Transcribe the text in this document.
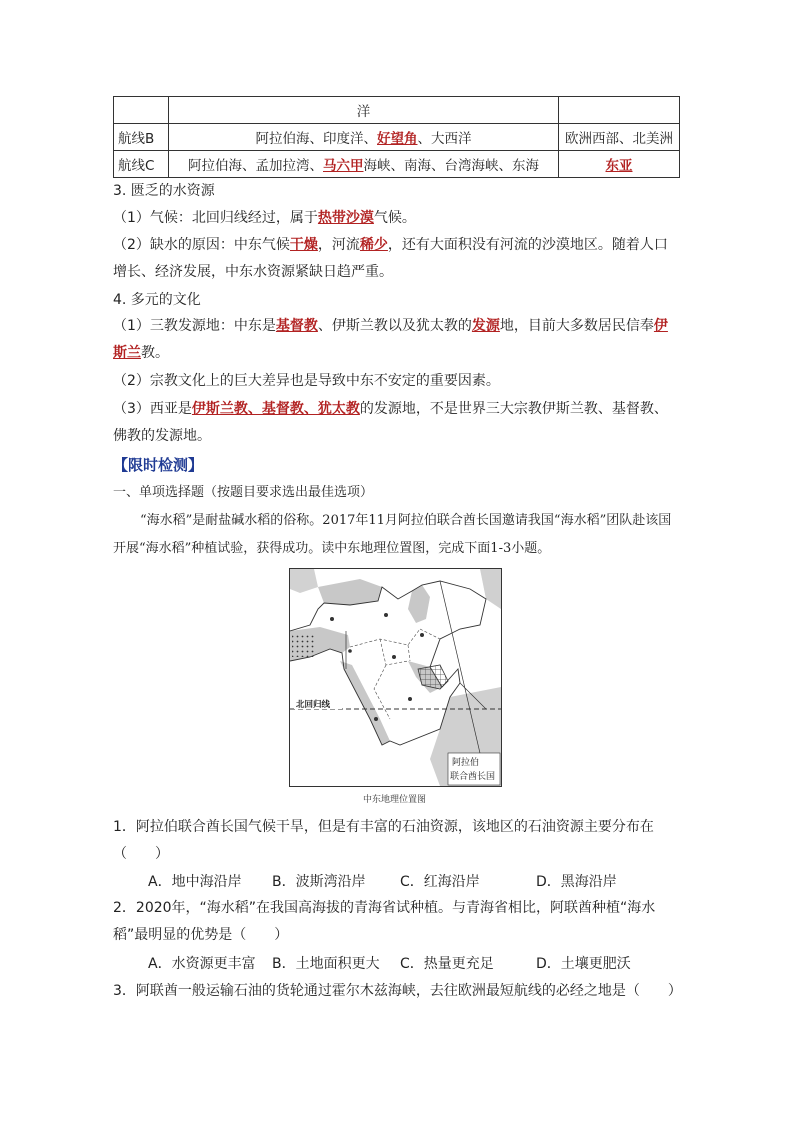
	洋	
航线B	阿拉伯海、印度洋、好望角、大西洋	欧洲西部、北美洲
航线C	阿拉伯海、孟加拉湾、马六甲海峡、南海、台湾海峡、东海	东亚
3. 匮乏的水资源
（1）气候：北回归线经过，属于热带沙漠气候。
（2）缺水的原因：中东气候干燥，河流稀少，还有大面积没有河流的沙漠地区。随着人口增长、经济发展，中东水资源紧缺日趋严重。
4. 多元的文化
（1）三教发源地：中东是基督教、伊斯兰教以及犹太教的发源地，目前大多数居民信奉伊斯兰教。
（2）宗教文化上的巨大差异也是导致中东不安定的重要因素。
（3）西亚是伊斯兰教、基督教、犹太教的发源地，不是世界三大宗教伊斯兰教、基督教、佛教的发源地。
【限时检测】
一、单项选择题（按题目要求选出最佳选项）
“海水稻”是耐盐碱水稻的俗称。2017年11月阿拉伯联合酋长国邀请我国“海水稻”团队赴该国开展“海水稻”种植试验，获得成功。读中东地理位置图，完成下面1-3小题。
北回归线
阿拉伯
联合酋长国
中东地理位置图
1．阿拉伯联合酋长国气候干旱，但是有丰富的石油资源，该地区的石油资源主要分布在（　　）
A．地中海沿岸 B．波斯湾沿岸 C．红海沿岸	D．黑海沿岸
2．2020年，“海水稻”在我国高海拔的青海省试种植。与青海省相比，阿联酋种植“海水稻”最明显的优势是（　　）
A．水资源更丰富 B．土地面积更大 C．热量更充足	D．土壤更肥沃
3．阿联酋一般运输石油的货轮通过霍尔木兹海峡，去往欧洲最短航线的必经之地是（　　）
